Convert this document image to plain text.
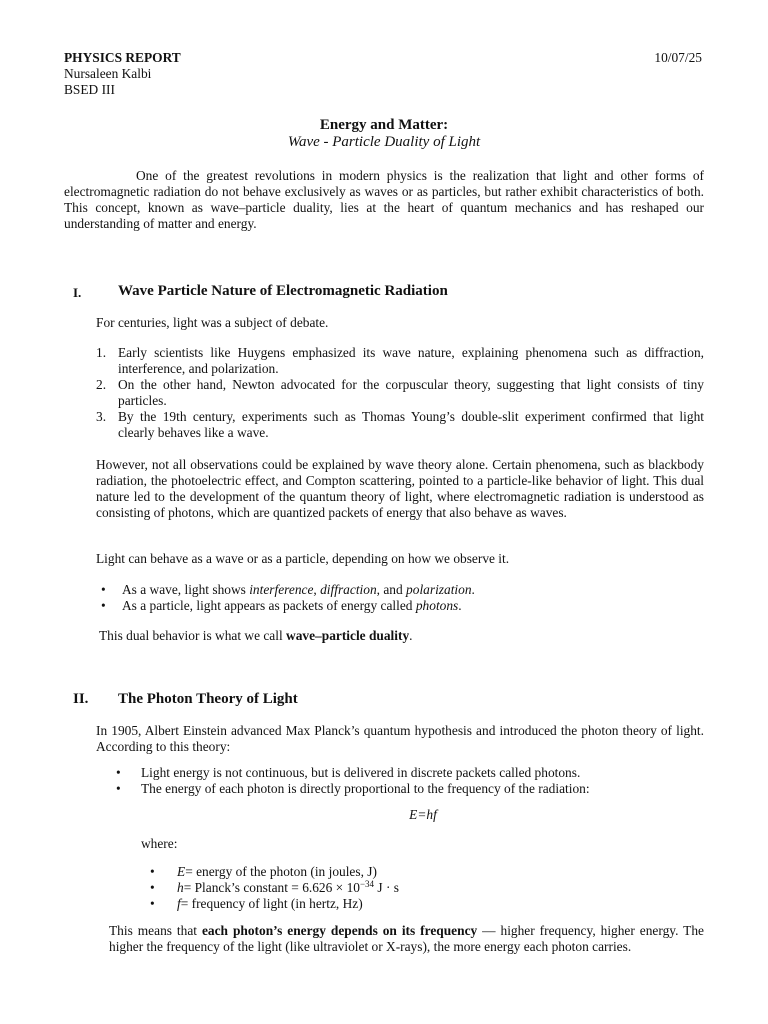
PHYSICS REPORT	10/07/25
Nursaleen Kalbi
BSED III
Energy and Matter:
Wave - Particle Duality of Light
One of the greatest revolutions in modern physics is the realization that light and other forms of electromagnetic radiation do not behave exclusively as waves or as particles, but rather exhibit characteristics of both. This concept, known as wave–particle duality, lies at the heart of quantum mechanics and has reshaped our understanding of matter and energy.
I. Wave Particle Nature of Electromagnetic Radiation
For centuries, light was a subject of debate.
1. Early scientists like Huygens emphasized its wave nature, explaining phenomena such as diffraction, interference, and polarization.
2. On the other hand, Newton advocated for the corpuscular theory, suggesting that light consists of tiny particles.
3. By the 19th century, experiments such as Thomas Young’s double-slit experiment confirmed that light clearly behaves like a wave.
However, not all observations could be explained by wave theory alone. Certain phenomena, such as blackbody radiation, the photoelectric effect, and Compton scattering, pointed to a particle-like behavior of light. This dual nature led to the development of the quantum theory of light, where electromagnetic radiation is understood as consisting of photons, which are quantized packets of energy that also behave as waves.
Light can behave as a wave or as a particle, depending on how we observe it.
• As a wave, light shows interference, diffraction, and polarization.
• As a particle, light appears as packets of energy called photons.
This dual behavior is what we call wave–particle duality.
II. The Photon Theory of Light
In 1905, Albert Einstein advanced Max Planck’s quantum hypothesis and introduced the photon theory of light. According to this theory:
• Light energy is not continuous, but is delivered in discrete packets called photons.
• The energy of each photon is directly proportional to the frequency of the radiation:
E=hf
where:
• E= energy of the photon (in joules, J)
• h= Planck’s constant = $6.626 \times 10^{-34}$ J · s
• f= frequency of light (in hertz, Hz)
This means that each photon’s energy depends on its frequency — higher frequency, higher energy. The higher the frequency of the light (like ultraviolet or X-rays), the more energy each photon carries.
